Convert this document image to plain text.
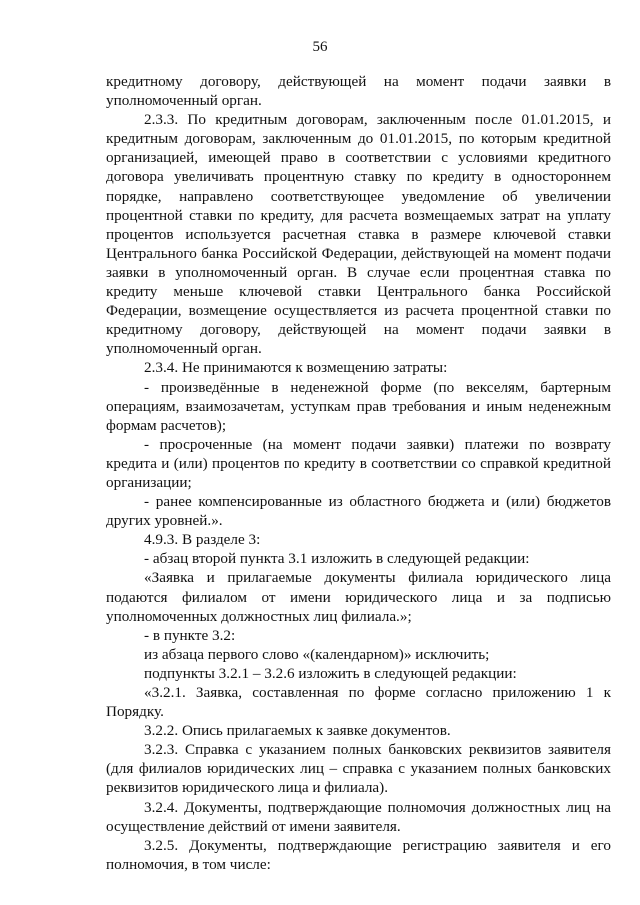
56

кредитному договору, действующей на момент подачи заявки в уполномоченный орган.

2.3.3. По кредитным договорам, заключенным после 01.01.2015, и кредитным договорам, заключенным до 01.01.2015, по которым кредитной организацией, имеющей право в соответствии с условиями кредитного договора увеличивать процентную ставку по кредиту в одностороннем порядке, направлено соответствующее уведомление об увеличении процентной ставки по кредиту, для расчета возмещаемых затрат на уплату процентов используется расчетная ставка в размере ключевой ставки Центрального банка Российской Федерации, действующей на момент подачи заявки в уполномоченный орган. В случае если процентная ставка по кредиту меньше ключевой ставки Центрального банка Российской Федерации, возмещение осуществляется из расчета процентной ставки по кредитному договору, действующей на момент подачи заявки в уполномоченный орган.

2.3.4. Не принимаются к возмещению затраты:

- произведённые в неденежной форме (по векселям, бартерным операциям, взаимозачетам, уступкам прав требования и иным неденежным формам расчетов);

- просроченные (на момент подачи заявки) платежи по возврату кредита и (или) процентов по кредиту в соответствии со справкой кредитной организации;

- ранее компенсированные из областного бюджета и (или) бюджетов других уровней.».

4.9.3. В разделе 3:

- абзац второй пункта 3.1 изложить в следующей редакции:

«Заявка и прилагаемые документы филиала юридического лица подаются филиалом от имени юридического лица и за подписью уполномоченных должностных лиц филиала.»;

- в пункте 3.2:

из абзаца первого слово «(календарном)» исключить;

подпункты 3.2.1 – 3.2.6 изложить в следующей редакции:

«3.2.1. Заявка, составленная по форме согласно приложению 1 к Порядку.

3.2.2. Опись прилагаемых к заявке документов.

3.2.3. Справка с указанием полных банковских реквизитов заявителя (для филиалов юридических лиц – справка с указанием полных банковских реквизитов юридического лица и филиала).

3.2.4. Документы, подтверждающие полномочия должностных лиц на осуществление действий от имени заявителя.

3.2.5. Документы, подтверждающие регистрацию заявителя и его полномочия, в том числе:
